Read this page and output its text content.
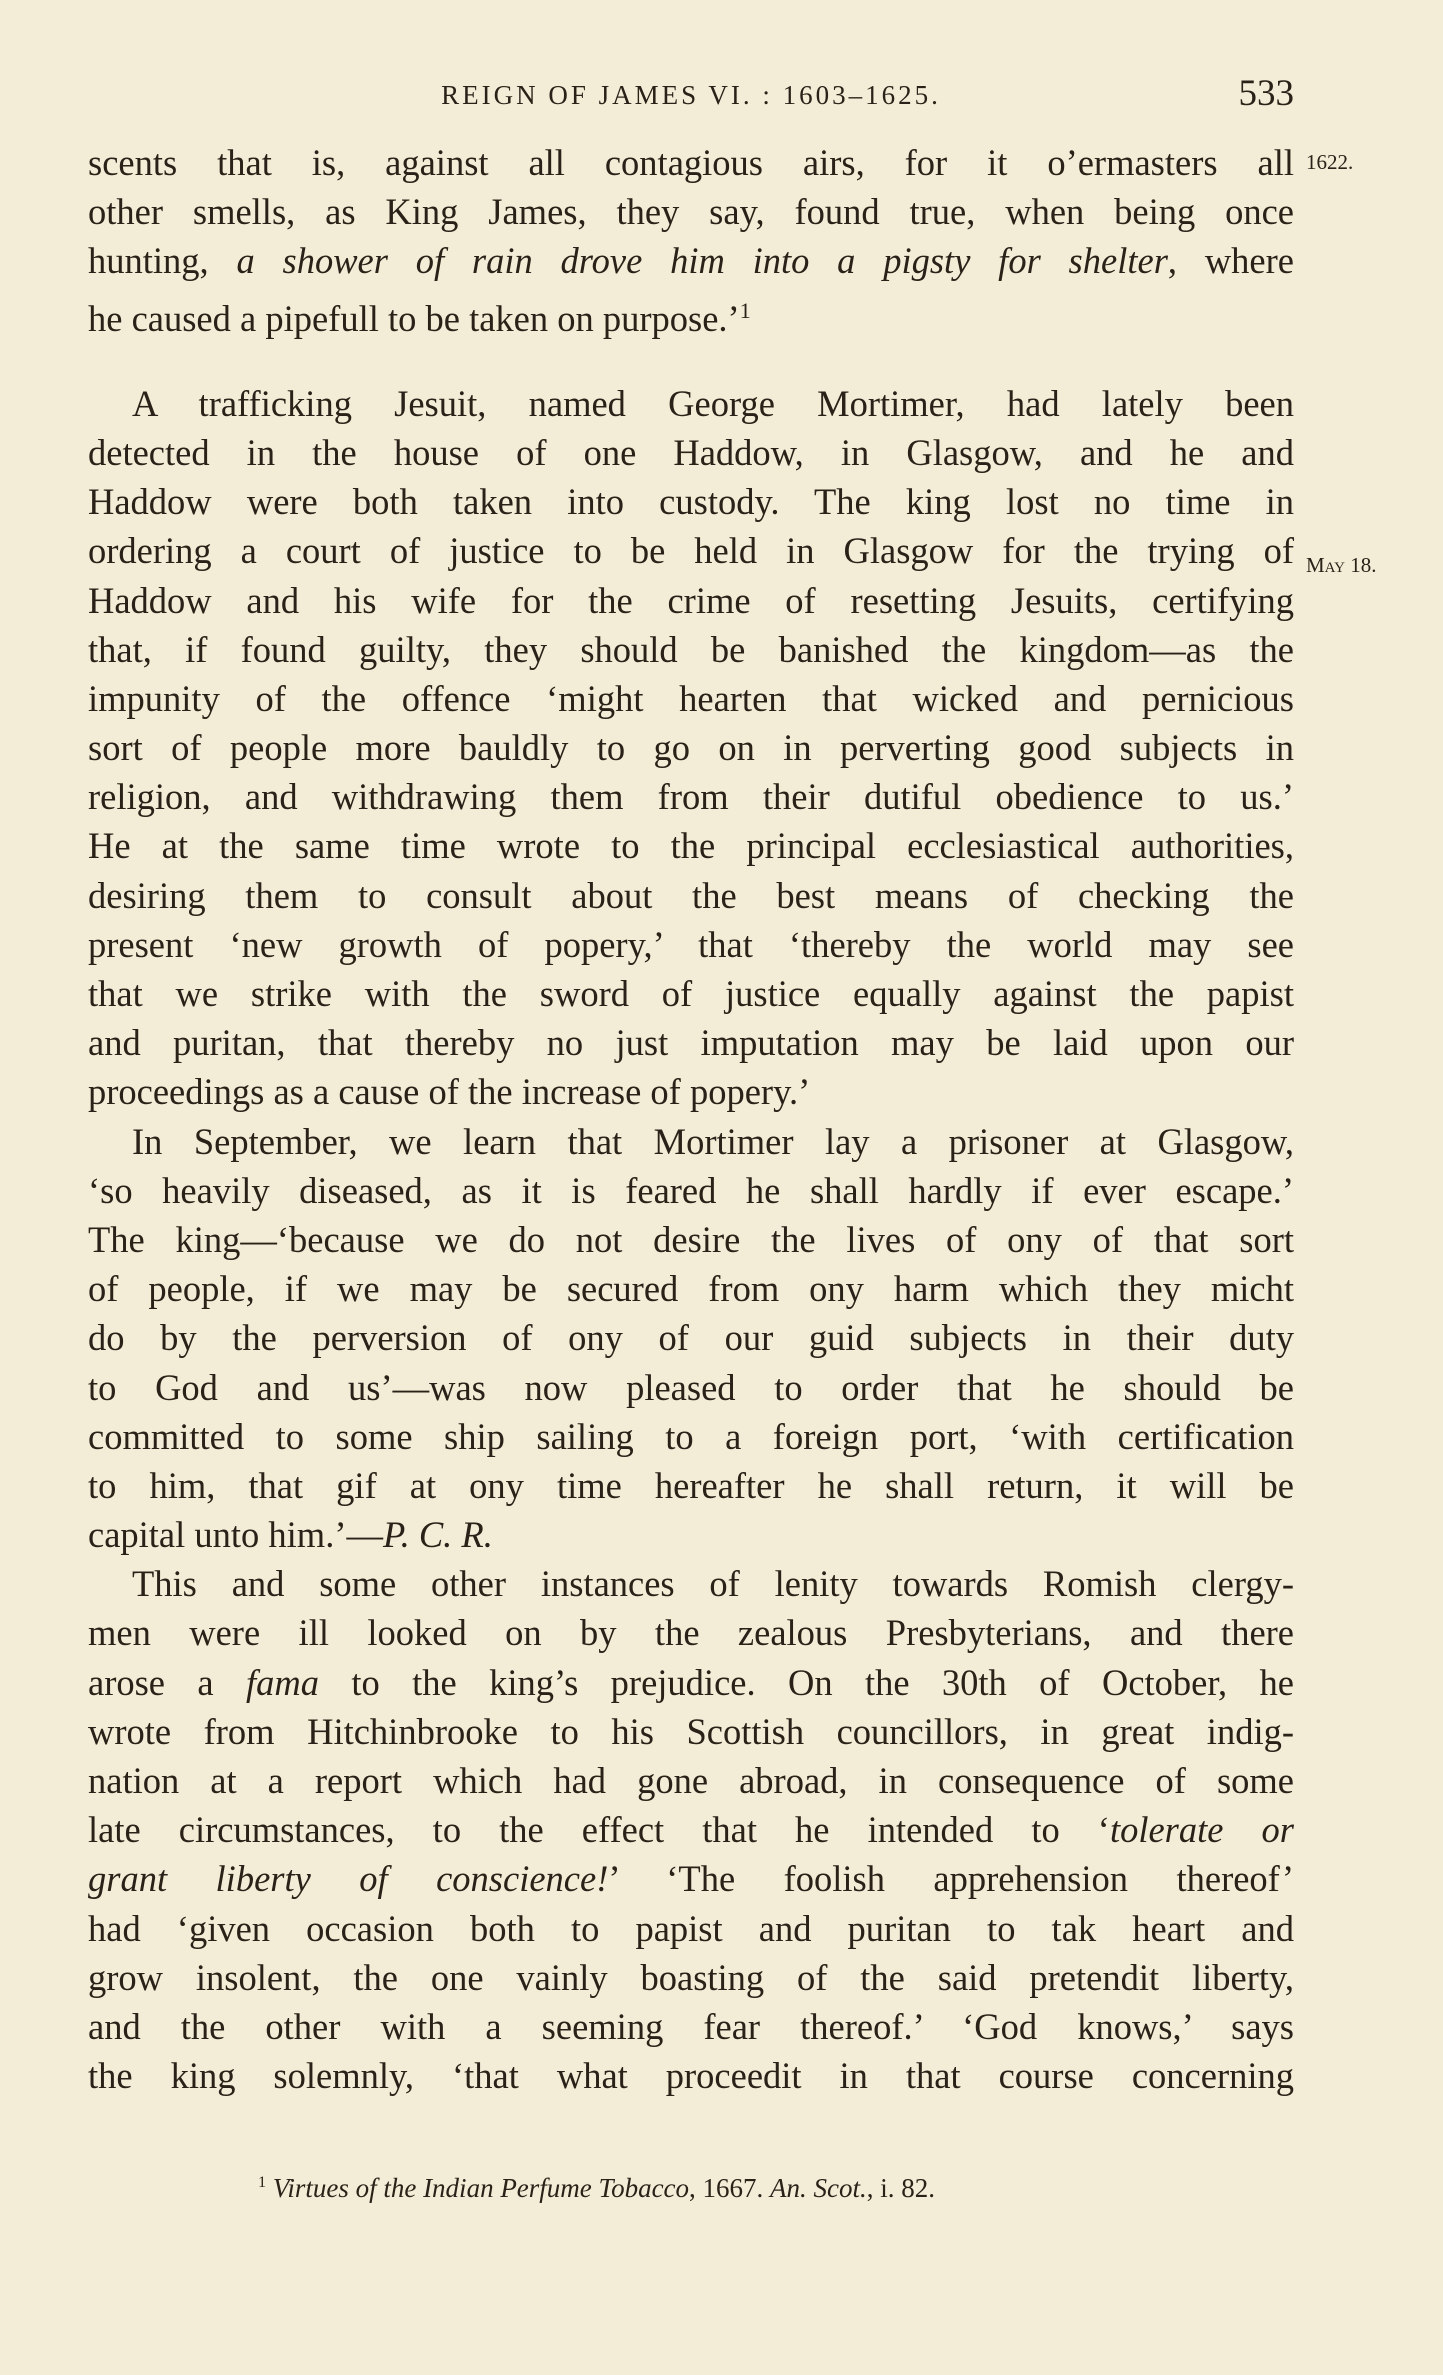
REIGN OF JAMES VI. : 1603–1625.	533
1622.
May 18.
scents that is, against all contagious airs, for it o’ermasters all
other smells, as King James, they say, found true, when being once
hunting, a shower of rain drove him into a pigsty for shelter, where
he caused a pipefull to be taken on purpose.’$^1$
A trafficking Jesuit, named George Mortimer, had lately been
detected in the house of one Haddow, in Glasgow, and he and
Haddow were both taken into custody. The king lost no time in
ordering a court of justice to be held in Glasgow for the trying of
Haddow and his wife for the crime of resetting Jesuits, certifying
that, if found guilty, they should be banished the kingdom—as the
impunity of the offence ‘might hearten that wicked and pernicious
sort of people more bauldly to go on in perverting good subjects in
religion, and withdrawing them from their dutiful obedience to us.’
He at the same time wrote to the principal ecclesiastical authorities,
desiring them to consult about the best means of checking the
present ‘new growth of popery,’ that ‘thereby the world may see
that we strike with the sword of justice equally against the papist
and puritan, that thereby no just imputation may be laid upon our
proceedings as a cause of the increase of popery.’
In September, we learn that Mortimer lay a prisoner at Glasgow,
‘so heavily diseased, as it is feared he shall hardly if ever escape.’
The king—‘because we do not desire the lives of ony of that sort
of people, if we may be secured from ony harm which they micht
do by the perversion of ony of our guid subjects in their duty
to God and us’—was now pleased to order that he should be
committed to some ship sailing to a foreign port, ‘with certification
to him, that gif at ony time hereafter he shall return, it will be
capital unto him.’—P. C. R.
This and some other instances of lenity towards Romish clergy-
men were ill looked on by the zealous Presbyterians, and there
arose a fama to the king’s prejudice. On the 30th of October, he
wrote from Hitchinbrooke to his Scottish councillors, in great indig-
nation at a report which had gone abroad, in consequence of some
late circumstances, to the effect that he intended to ‘tolerate or
grant liberty of conscience!’ ‘The foolish apprehension thereof’
had ‘given occasion both to papist and puritan to tak heart and
grow insolent, the one vainly boasting of the said pretendit liberty,
and the other with a seeming fear thereof.’ ‘God knows,’ says
the king solemnly, ‘that what proceedit in that course concerning
$^1$ Virtues of the Indian Perfume Tobacco, 1667. An. Scot., i. 82.
